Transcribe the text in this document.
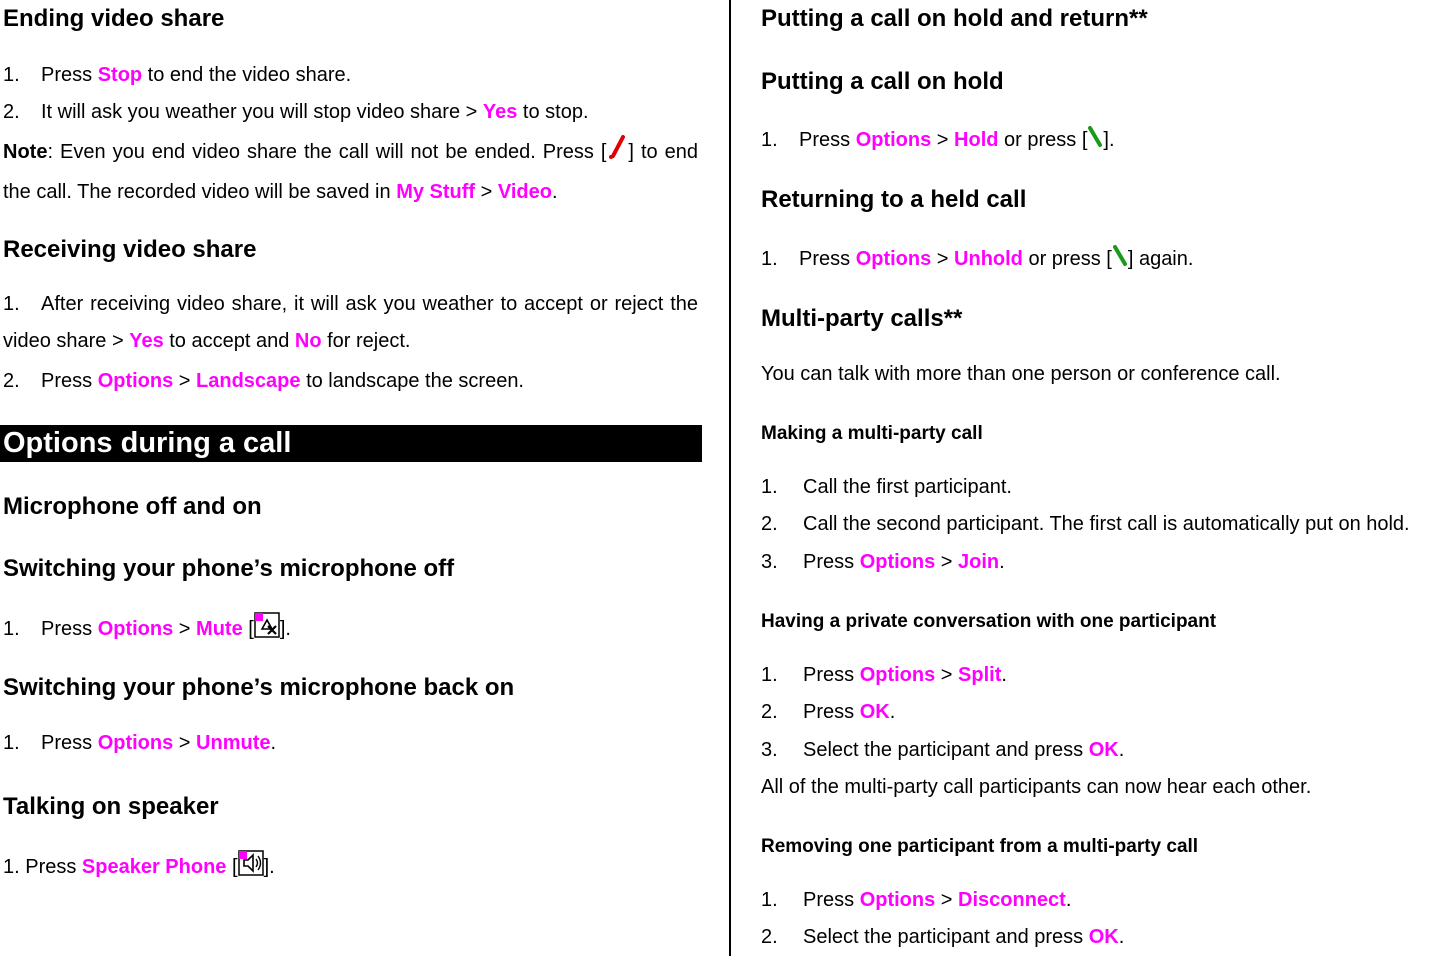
Ending video share
1. Press Stop to end the video share.
2. It will ask you weather you will stop video share > Yes to stop.

Note: Even you end video share the call will not be ended. Press [ ] to end the call. The recorded video will be saved in My Stuff > Video.

Receiving video share

1. After receiving video share, it will ask you weather to accept or reject the video share > Yes to accept and No for reject.

2. Press Options > Landscape to landscape the screen.
Options during a call
Microphone off and on
Switching your phone’s microphone off
1. Press Options > Mute [ ].
Switching your phone’s microphone back on
1. Press Options > Unmute.
Talking on speaker
1. Press Speaker Phone [ ].
Putting a call on hold and return**
Putting a call on hold
1. Press Options > Hold or press [ ].
Returning to a held call
1. Press Options > Unhold or press [ ] again.
Multi-party calls**

You can talk with more than one person or conference call.

Making a multi-party call
1. Call the first participant.
2. Call the second participant. The first call is automatically put on hold.
3. Press Options > Join.
Having a private conversation with one participant
1. Press Options > Split.
2. Press OK.
3. Select the participant and press OK.

All of the multi-party call participants can now hear each other.

Removing one participant from a multi-party call
1. Press Options > Disconnect.
2. Select the participant and press OK.
